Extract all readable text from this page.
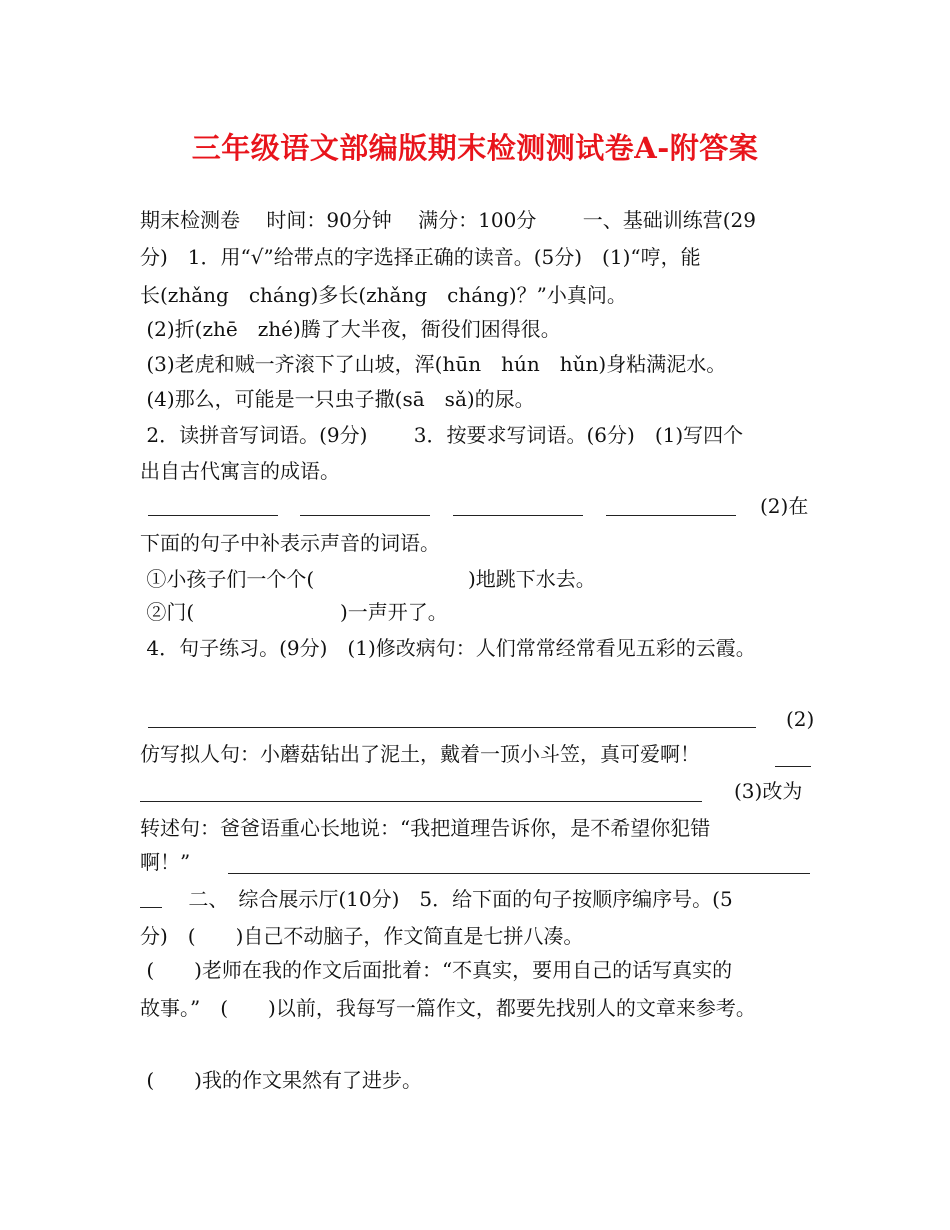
三年级语文部编版期末检测测试卷A-附答案
期末检测卷　 时间：90分钟　 满分：100分　　 一、基础训练营(29
分)　1．用“√”给带点的字选择正确的读音。(5分)　(1)“哼，能
长(zhǎng　cháng)多长(zhǎng　cháng)？”小真问。
(2)折(zhē　zhé)腾了大半夜，衙役们困得很。
(3)老虎和贼一齐滚下了山坡，浑(hūn　hún　hǔn)身粘满泥水。
(4)那么，可能是一只虫子撒(sā　sǎ)的尿。
2．读拼音写词语。(9分)　　 3．按要求写词语。(6分)　(1)写四个
出自古代寓言的成语。
(2)在
下面的句子中补表示声音的词语。
①小孩子们一个个(	)地跳下水去。
②门(	)一声开了。
4．句子练习。(9分)　(1)修改病句：人们常常经常看见五彩的云霞。
(2)
仿写拟人句：小蘑菇钻出了泥土，戴着一顶小斗笠，真可爱啊！
(3)改为
转述句：爸爸语重心长地说：“我把道理告诉你，是不希望你犯错
啊！”
　 二、　综合展示厅(10分)　5．给下面的句子按顺序编序号。(5
分)　(　　)自己不动脑子，作文简直是七拼八凑。
(　　)老师在我的作文后面批着：“不真实，要用自己的话写真实的
故事。”　(　　)以前，我每写一篇作文，都要先找别人的文章来参考。
(　　)我的作文果然有了进步。
